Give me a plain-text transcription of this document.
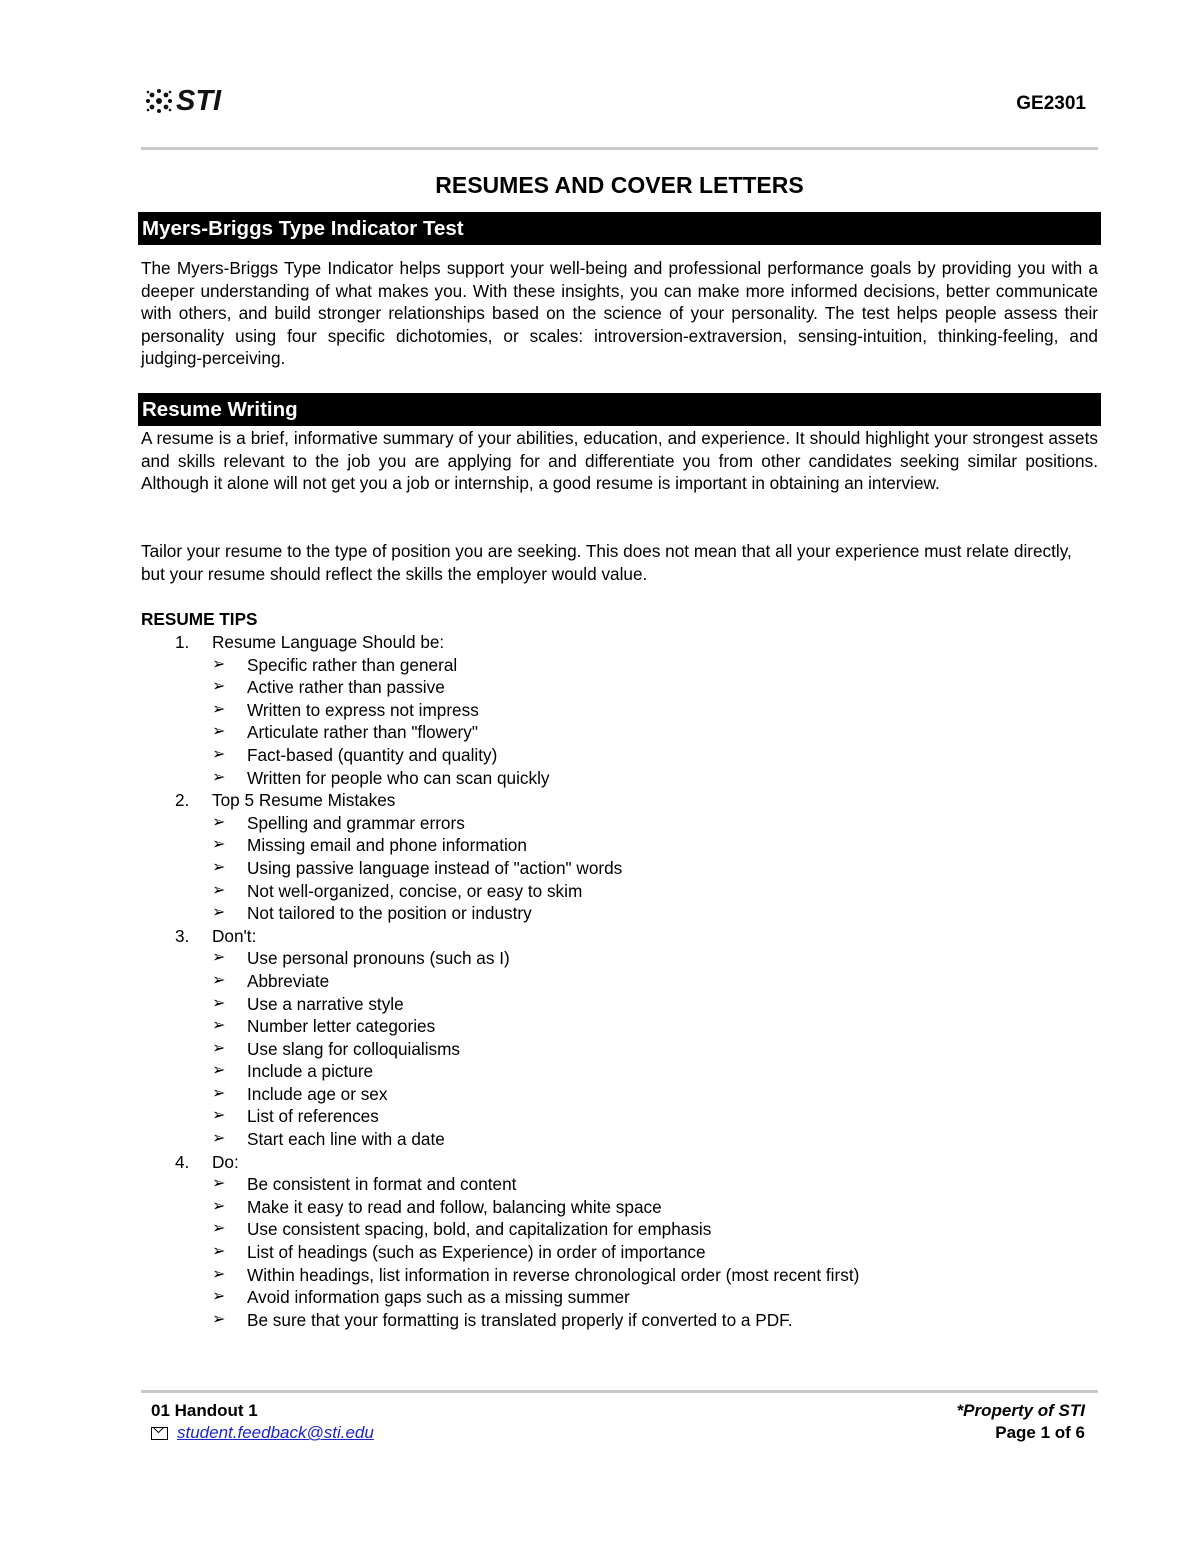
STI	GE2301
RESUMES AND COVER LETTERS
Myers-Briggs Type Indicator Test

The Myers-Briggs Type Indicator helps support your well-being and professional performance goals by providing you with a deeper understanding of what makes you. With these insights, you can make more informed decisions, better communicate with others, and build stronger relationships based on the science of your personality. The test helps people assess their personality using four specific dichotomies, or scales: introversion-extraversion, sensing-intuition, thinking-feeling, and judging-perceiving.

Resume Writing

A resume is a brief, informative summary of your abilities, education, and experience. It should highlight your strongest assets and skills relevant to the job you are applying for and differentiate you from other candidates seeking similar positions. Although it alone will not get you a job or internship, a good resume is important in obtaining an interview.

Tailor your resume to the type of position you are seeking. This does not mean that all your experience must relate directly, but your resume should reflect the skills the employer would value.

RESUME TIPS
1. Resume Language Should be:
➢ Specific rather than general
➢ Active rather than passive
➢ Written to express not impress
➢ Articulate rather than "flowery"
➢ Fact-based (quantity and quality)
➢ Written for people who can scan quickly
2. Top 5 Resume Mistakes
➢ Spelling and grammar errors
➢ Missing email and phone information
➢ Using passive language instead of "action" words
➢ Not well-organized, concise, or easy to skim
➢ Not tailored to the position or industry
3. Don't:
➢ Use personal pronouns (such as I)
➢ Abbreviate
➢ Use a narrative style
➢ Number letter categories
➢ Use slang for colloquialisms
➢ Include a picture
➢ Include age or sex
➢ List of references
➢ Start each line with a date
4. Do:
➢ Be consistent in format and content
➢ Make it easy to read and follow, balancing white space
➢ Use consistent spacing, bold, and capitalization for emphasis
➢ List of headings (such as Experience) in order of importance
➢ Within headings, list information in reverse chronological order (most recent first)
➢ Avoid information gaps such as a missing summer
➢ Be sure that your formatting is translated properly if converted to a PDF.
01 Handout 1
student.feedback@sti.edu
*Property of STI
Page 1 of 6
